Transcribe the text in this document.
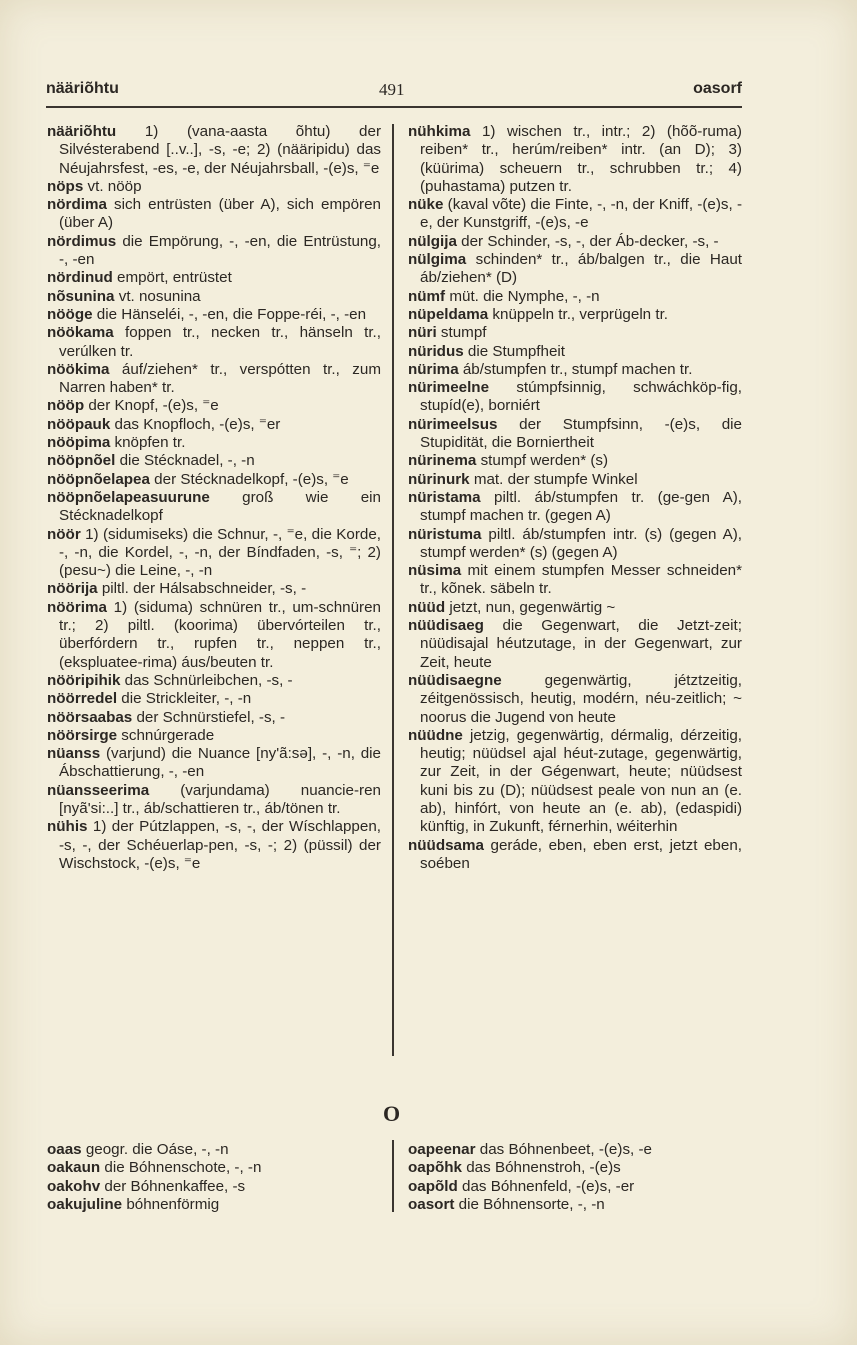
nääriõhtu	491	oasorf

nääriõhtu 1) (vana-aasta õhtu) der Silvésterabend [..v..], -s, -e; 2) (nääripidu) das Néujahrsfest, -es, -e, der Néujahrsball, -(e)s, ⁼e

nöps vt. nööp

nördima sich entrüsten (über A), sich empören (über A)

nördimus die Empörung, -, -en, die Entrüstung, -, -en

nördinud empört, entrüstet

nõsunina vt. nosunina

nööge die Hänseléi, -, -en, die Foppe-réi, -, -en

nöökama foppen tr., necken tr., hänseln tr., verúlken tr.

nöökima áuf/ziehen* tr., verspótten tr., zum Narren haben* tr.

nööp der Knopf, -(e)s, ⁼e

nööpauk das Knopfloch, -(e)s, ⁼er

nööpima knöpfen tr.

nööpnõel die Stécknadel, -, -n

nööpnõelapea der Stécknadelkopf, -(e)s, ⁼e

nööpnõelapeasuurune groß wie ein Stécknadelkopf

nöör 1) (sidumiseks) die Schnur, -, ⁼e, die Korde, -, -n, die Kordel, -, -n, der Bíndfaden, -s, ⁼; 2) (pesu~) die Leine, -, -n

nöörija piltl. der Hálsabschneider, -s, -

nöörima 1) (siduma) schnüren tr., um-schnüren tr.; 2) piltl. (koorima) übervórteilen tr., überfórdern tr., rupfen tr., neppen tr., (ekspluatee-rima) áus/beuten tr.

nööripihik das Schnürleibchen, -s, -

nöörredel die Strickleiter, -, -n

nöörsaabas der Schnürstiefel, -s, -

nöörsirge schnúrgerade

nüanss (varjund) die Nuance [ny'ã:sə], -, -n, die Ábschattierung, -, -en

nüansseerima (varjundama) nuancie-ren [nyã'si:..] tr., áb/schattieren tr., áb/tönen tr.

nühis 1) der Pútzlappen, -s, -, der Wíschlappen, -s, -, der Schéuerlap-pen, -s, -; 2) (püssil) der Wischstock, -(e)s, ⁼e

nühkima 1) wischen tr., intr.; 2) (hõõ-ruma) reiben* tr., herúm/reiben* intr. (an D); 3) (küürima) scheuern tr., schrubben tr.; 4) (puhastama) putzen tr.

nüke (kaval võte) die Finte, -, -n, der Kniff, -(e)s, -e, der Kunstgriff, -(e)s, -e

nülgija der Schinder, -s, -, der Áb-decker, -s, -

nülgima schinden* tr., áb/balgen tr., die Haut áb/ziehen* (D)

nümf müt. die Nymphe, -, -n

nüpeldama knüppeln tr., verprügeln tr.

nüri stumpf

nüridus die Stumpfheit

nürima áb/stumpfen tr., stumpf machen tr.

nürimeelne stúmpfsinnig, schwáchköp-fig, stupíd(e), borniért

nürimeelsus der Stumpfsinn, -(e)s, die Stupidität, die Borniertheit

nürinema stumpf werden* (s)

nürinurk mat. der stumpfe Winkel

nüristama piltl. áb/stumpfen tr. (ge-gen A), stumpf machen tr. (gegen A)

nüristuma piltl. áb/stumpfen intr. (s) (gegen A), stumpf werden* (s) (gegen A)

nüsima mit einem stumpfen Messer schneiden* tr., kõnek. säbeln tr.

nüüd jetzt, nun, gegenwärtig ~

nüüdisaeg die Gegenwart, die Jetzt-zeit; nüüdisajal héutzutage, in der Gegenwart, zur Zeit, heute

nüüdisaegne gegenwärtig, jétztzeitig, zéitgenössisch, heutig, modérn, néu-zeitlich; ~ noorus die Jugend von heute

nüüdne jetzig, gegenwärtig, dérmalig, dérzeitig, heutig; nüüdsel ajal héut-zutage, gegenwärtig, zur Zeit, in der Gégenwart, heute; nüüdsest kuni bis zu (D); nüüdsest peale von nun an (e. ab), hinfórt, von heute an (e. ab), (edaspidi) künftig, in Zukunft, férnerhin, wéiterhin

nüüdsama geráde, eben, eben erst, jetzt eben, soében

O

oaas geogr. die Oáse, -, -n

oakaun die Bóhnenschote, -, -n

oakohv der Bóhnenkaffee, -s

oakujuline bóhnenförmig

oapeenar das Bóhnenbeet, -(e)s, -e

oapõhk das Bóhnenstroh, -(e)s

oapõld das Bóhnenfeld, -(e)s, -er

oasort die Bóhnensorte, -, -n
